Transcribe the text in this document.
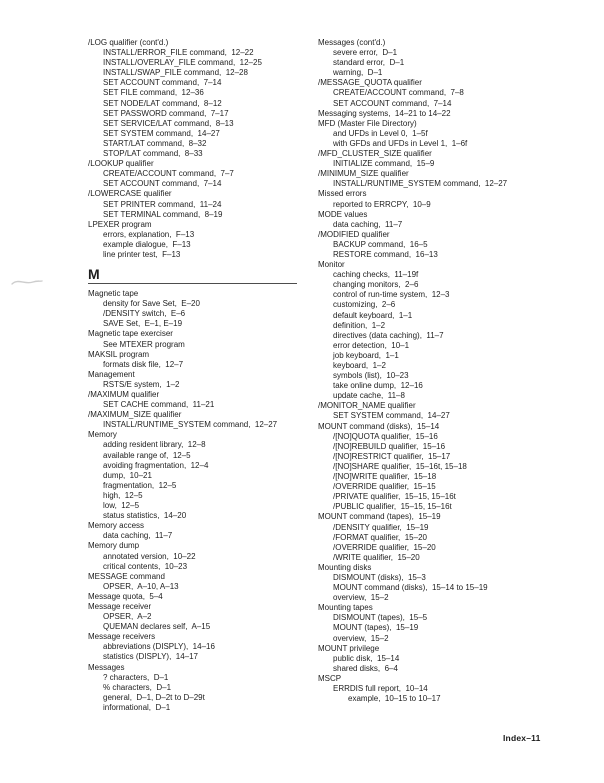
/LOG qualifier (cont'd.)
INSTALL/ERROR_FILE command,  12–22
INSTALL/OVERLAY_FILE command,  12–25
INSTALL/SWAP_FILE command,  12–28
SET ACCOUNT command,  7–14
SET FILE command,  12–36
SET NODE/LAT command,  8–12
SET PASSWORD command,  7–17
SET SERVICE/LAT command,  8–13
SET SYSTEM command,  14–27
START/LAT command,  8–32
STOP/LAT command,  8–33
/LOOKUP qualifier
CREATE/ACCOUNT command,  7–7
SET ACCOUNT command,  7–14
/LOWERCASE qualifier
SET PRINTER command,  11–24
SET TERMINAL command,  8–19
LPEXER program
errors, explanation,  F–13
example dialogue,  F–13
line printer test,  F–13
M
Magnetic tape
density for Save Set,  E–20
/DENSITY switch,  E–6
SAVE Set,  E–1, E–19
Magnetic tape exerciser
See MTEXER program
MAKSIL program
formats disk file,  12–7
Management
RSTS/E system,  1–2
/MAXIMUM qualifier
SET CACHE command,  11–21
/MAXIMUM_SIZE qualifier
INSTALL/RUNTIME_SYSTEM command,  12–27
Memory
adding resident library,  12–8
available range of,  12–5
avoiding fragmentation,  12–4
dump,  10–21
fragmentation,  12–5
high,  12–5
low,  12–5
status statistics,  14–20
Memory access
data caching,  11–7
Memory dump
annotated version,  10–22
critical contents,  10–23
MESSAGE command
OPSER,  A–10, A–13
Message quota,  5–4
Message receiver
OPSER,  A–2
QUEMAN declares self,  A–15
Message receivers
abbreviations (DISPLY),  14–16
statistics (DISPLY),  14–17
Messages
? characters,  D–1
% characters,  D–1
general,  D–1, D–2t to D–29t
informational,  D–1
Messages (cont'd.)
severe error,  D–1
standard error,  D–1
warning,  D–1
/MESSAGE_QUOTA qualifier
CREATE/ACCOUNT command,  7–8
SET ACCOUNT command,  7–14
Messaging systems,  14–21 to 14–22
MFD (Master File Directory)
and UFDs in Level 0,  1–5f
with GFDs and UFDs in Level 1,  1–6f
/MFD_CLUSTER_SIZE qualifier
INITIALIZE command,  15–9
/MINIMUM_SIZE qualifier
INSTALL/RUNTIME_SYSTEM command,  12–27
Missed errors
reported to ERRCPY,  10–9
MODE values
data caching,  11–7
/MODIFIED qualifier
BACKUP command,  16–5
RESTORE command,  16–13
Monitor
caching checks,  11–19f
changing monitors,  2–6
control of run-time system,  12–3
customizing,  2–6
default keyboard,  1–1
definition,  1–2
directives (data caching),  11–7
error detection,  10–1
job keyboard,  1–1
keyboard,  1–2
symbols (list),  10–23
take online dump,  12–16
update cache,  11–8
/MONITOR_NAME qualifier
SET SYSTEM command,  14–27
MOUNT command (disks),  15–14
/[NO]QUOTA qualifier,  15–16
/[NO]REBUILD qualifier,  15–16
/[NO]RESTRICT qualifier,  15–17
/[NO]SHARE qualifier,  15–16t, 15–18
/[NO]WRITE qualifier,  15–18
/OVERRIDE qualifier,  15–15
/PRIVATE qualifier,  15–15, 15–16t
/PUBLIC qualifier,  15–15, 15–16t
MOUNT command (tapes),  15–19
/DENSITY qualifier,  15–19
/FORMAT qualifier,  15–20
/OVERRIDE qualifier,  15–20
/WRITE qualifier,  15–20
Mounting disks
DISMOUNT (disks),  15–3
MOUNT command (disks),  15–14 to 15–19
overview,  15–2
Mounting tapes
DISMOUNT (tapes),  15–5
MOUNT (tapes),  15–19
overview,  15–2
MOUNT privilege
public disk,  15–14
shared disks,  6–4
MSCP
ERRDIS full report,  10–14
example,  10–15 to 10–17
Index–11
